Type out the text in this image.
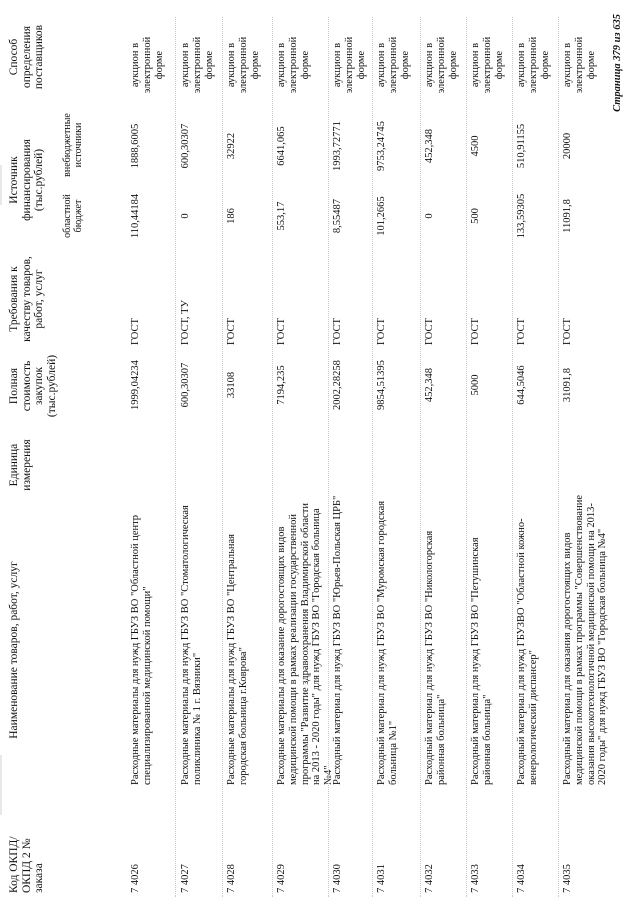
Код ОКПД/ ОКПД 2 № заказа
Наименование товаров, работ, услуг
Единица измерения
Полная стоимость закупок (тыс.рублей)
Требования к качеству товаров, работ, услуг
Источник финансирования (тыс.рублей)
областной бюджет
внебюджетные источники
Способ определения поставщиков
7 4026
Расходные материалы для нужд ГБУЗ ВО "Областной центр специализированной медицинской помощи"
1999,04234
ГОСТ
110,44184
1888,6005
аукцион в электронной форме
7 4027
Расходные материалы для нужд ГБУЗ ВО "Стоматологическая поликлиника № 1 г. Вязники"
600,30307
ГОСТ, ТУ
0
600,30307
аукцион в электронной форме
7 4028
Расходные материалы для нужд ГБУЗ ВО "Центральная городская больница г.Коврова"
33108
ГОСТ
186
32922
аукцион в электронной форме
7 4029
Расходные материалы для оказание дорогостоящих видов медицинской помощи в рамках реализации государственной программы "Развитие здравоохранения Владимирской области на 2013 - 2020 годы" для нужд ГБУЗ ВО "Городская больница №4"
7194,235
ГОСТ
553,17
6641,065
аукцион в электронной форме
7 4030
Расходный материал для нужд ГБУЗ ВО "Юрьев-Польская ЦРБ"
2002,28258
ГОСТ
8,55487
1993,72771
аукцион в электронной форме
7 4031
Расходный материал для нужд ГБУЗ ВО "Муромская городская больница №1"
9854,51395
ГОСТ
101,2665
9753,24745
аукцион в электронной форме
7 4032
Расходный материал для нужд ГБУЗ ВО "Никологорская районная больница"
452,348
ГОСТ
0
452,348
аукцион в электронной форме
7 4033
Расходный материал для нужд ГБУЗ ВО "Петушинская районная больница"
5000
ГОСТ
500
4500
аукцион в электронной форме
7 4034
Расходный материал для нужд ГБУЗВО "Областной кожно-венерологический диспансер"
644,5046
ГОСТ
133,59305
510,91155
аукцион в электронной форме
7 4035
Расходный материал для оказания дорогостоящих видов медицинской помощи в рамках программы "Совершенствование оказания высокотехнологичной медицинской помощи на 2013-2020 годы" для нужд ГБУЗ ВО "Городская больница №4"
31091,8
ГОСТ
11091,8
20000
аукцион в электронной форме Страница 379 из 635
